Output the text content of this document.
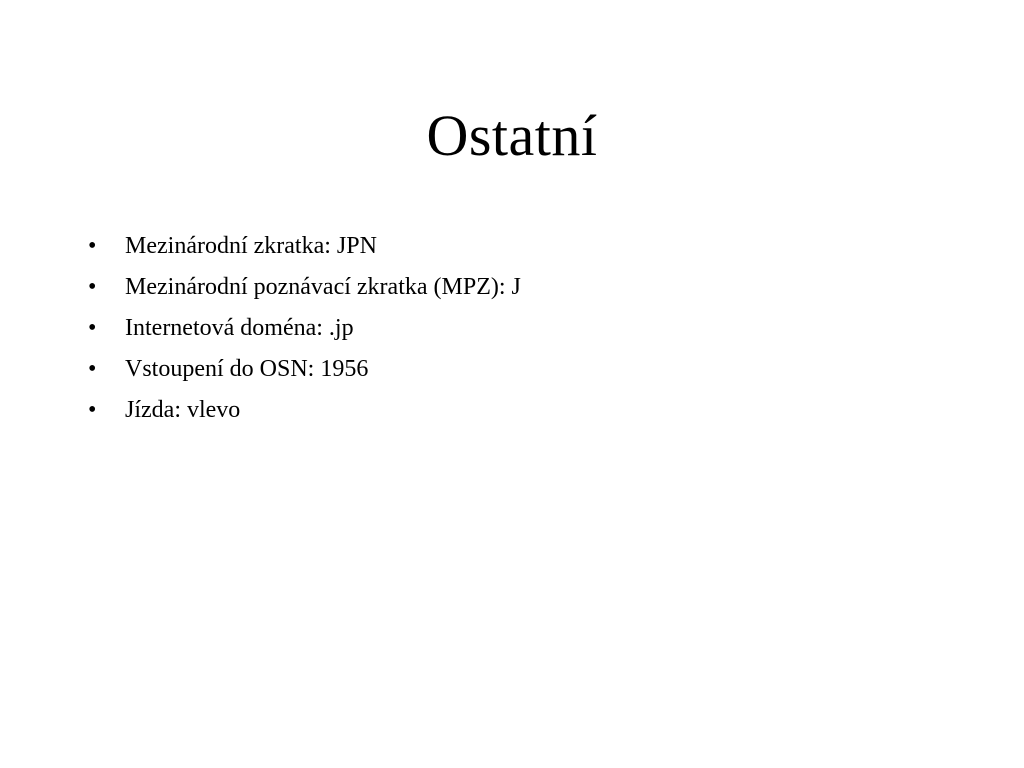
Ostatní
•	Mezinárodní zkratka: JPN
•	Mezinárodní poznávací zkratka (MPZ): J
•	Internetová doména: .jp
•	Vstoupení do OSN: 1956
•	Jízda: vlevo
